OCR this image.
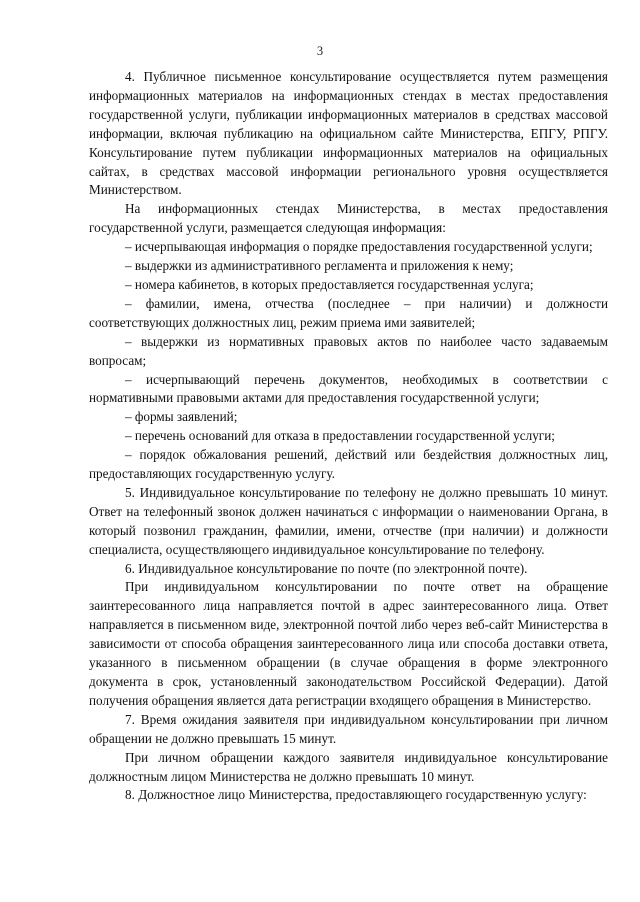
3

4. Публичное письменное консультирование осуществляется путем размещения информационных материалов на информационных стендах в местах предоставления государственной услуги, публикации информационных материалов в средствах массовой информации, включая публикацию на официальном сайте Министерства, ЕПГУ, РПГУ. Консультирование путем публикации информационных материалов на официальных сайтах, в средствах массовой информации регионального уровня осуществляется Министерством.

На информационных стендах Министерства, в местах предоставления государственной услуги, размещается следующая информация:

– исчерпывающая информация о порядке предоставления государственной услуги;

– выдержки из административного регламента и приложения к нему;

– номера кабинетов, в которых предоставляется государственная услуга;

– фамилии, имена, отчества (последнее – при наличии) и должности соответствующих должностных лиц, режим приема ими заявителей;

– выдержки из нормативных правовых актов по наиболее часто задаваемым вопросам;

– исчерпывающий перечень документов, необходимых в соответствии с нормативными правовыми актами для предоставления государственной услуги;

– формы заявлений;

– перечень оснований для отказа в предоставлении государственной услуги;

– порядок обжалования решений, действий или бездействия должностных лиц, предоставляющих государственную услугу.

5. Индивидуальное консультирование по телефону не должно превышать 10 минут. Ответ на телефонный звонок должен начинаться с информации о наименовании Органа, в который позвонил гражданин, фамилии, имени, отчестве (при наличии) и должности специалиста, осуществляющего индивидуальное консультирование по телефону.

6. Индивидуальное консультирование по почте (по электронной почте).

При индивидуальном консультировании по почте ответ на обращение заинтересованного лица направляется почтой в адрес заинтересованного лица. Ответ направляется в письменном виде, электронной почтой либо через веб-сайт Министерства в зависимости от способа обращения заинтересованного лица или способа доставки ответа, указанного в письменном обращении (в случае обращения в форме электронного документа в срок, установленный законодательством Российской Федерации). Датой получения обращения является дата регистрации входящего обращения в Министерство.

7. Время ожидания заявителя при индивидуальном консультировании при личном обращении не должно превышать 15 минут.

При личном обращении каждого заявителя индивидуальное консультирование должностным лицом Министерства не должно превышать 10 минут.

8. Должностное лицо Министерства, предоставляющего государственную услугу:
